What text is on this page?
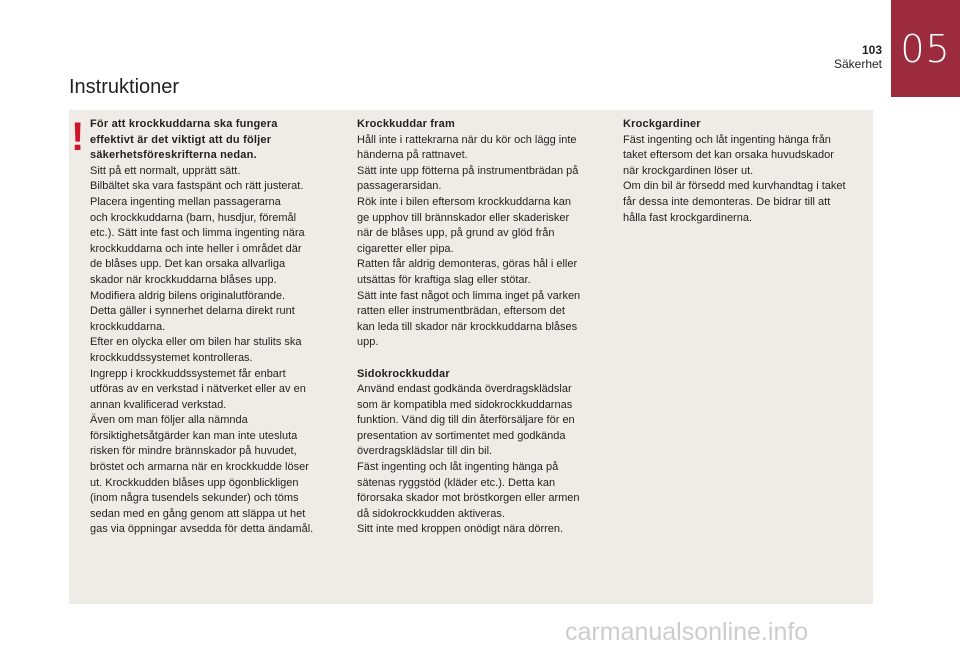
103
Säkerhet 05
Instruktioner
! För att krockkuddarna ska fungera

effektivt är det viktigt att du följer

säkerhetsföreskrifterna nedan.

Sitt på ett normalt, upprätt sätt.

Bilbältet ska vara fastspänt och rätt justerat.

Placera ingenting mellan passagerarna

och krockkuddarna (barn, husdjur, föremål

etc.). Sätt inte fast och limma ingenting nära

krockkuddarna och inte heller i området där

de blåses upp. Det kan orsaka allvarliga

skador när krockkuddarna blåses upp.

Modifiera aldrig bilens originalutförande.

Detta gäller i synnerhet delarna direkt runt

krockkuddarna.

Efter en olycka eller om bilen har stulits ska

krockkuddssystemet kontrolleras.

Ingrepp i krockkuddssystemet får enbart

utföras av en verkstad i nätverket eller av en

annan kvalificerad verkstad.

Även om man följer alla nämnda

försiktighetsåtgärder kan man inte utesluta

risken för mindre brännskador på huvudet,

bröstet och armarna när en krockkudde löser

ut. Krockkudden blåses upp ögonblickligen

(inom några tusendels sekunder) och töms

sedan med en gång genom att släppa ut het

gas via öppningar avsedda för detta ändamål.

Krockkuddar fram

Håll inte i rattekrarna när du kör och lägg inte

händerna på rattnavet.

Sätt inte upp fötterna på instrumentbrädan på

passagerarsidan.

Rök inte i bilen eftersom krockkuddarna kan

ge upphov till brännskador eller skaderisker

när de blåses upp, på grund av glöd från

cigaretter eller pipa.

Ratten får aldrig demonteras, göras hål i eller

utsättas för kraftiga slag eller stötar.

Sätt inte fast något och limma inget på varken

ratten eller instrumentbrädan, eftersom det

kan leda till skador när krockkuddarna blåses

upp.

Sidokrockkuddar

Använd endast godkända överdragsklädslar

som är kompatibla med sidokrockkuddarnas

funktion. Vänd dig till din återförsäljare för en

presentation av sortimentet med godkända

överdragsklädslar till din bil.

Fäst ingenting och låt ingenting hänga på

sätenas ryggstöd (kläder etc.). Detta kan

förorsaka skador mot bröstkorgen eller armen

då sidokrockkudden aktiveras.

Sitt inte med kroppen onödigt nära dörren.

Krockgardiner

Fäst ingenting och låt ingenting hänga från

taket eftersom det kan orsaka huvudskador

när krockgardinen löser ut.

Om din bil är försedd med kurvhandtag i taket

får dessa inte demonteras. De bidrar till att

hålla fast krockgardinerna.

carmanualsonline.info
